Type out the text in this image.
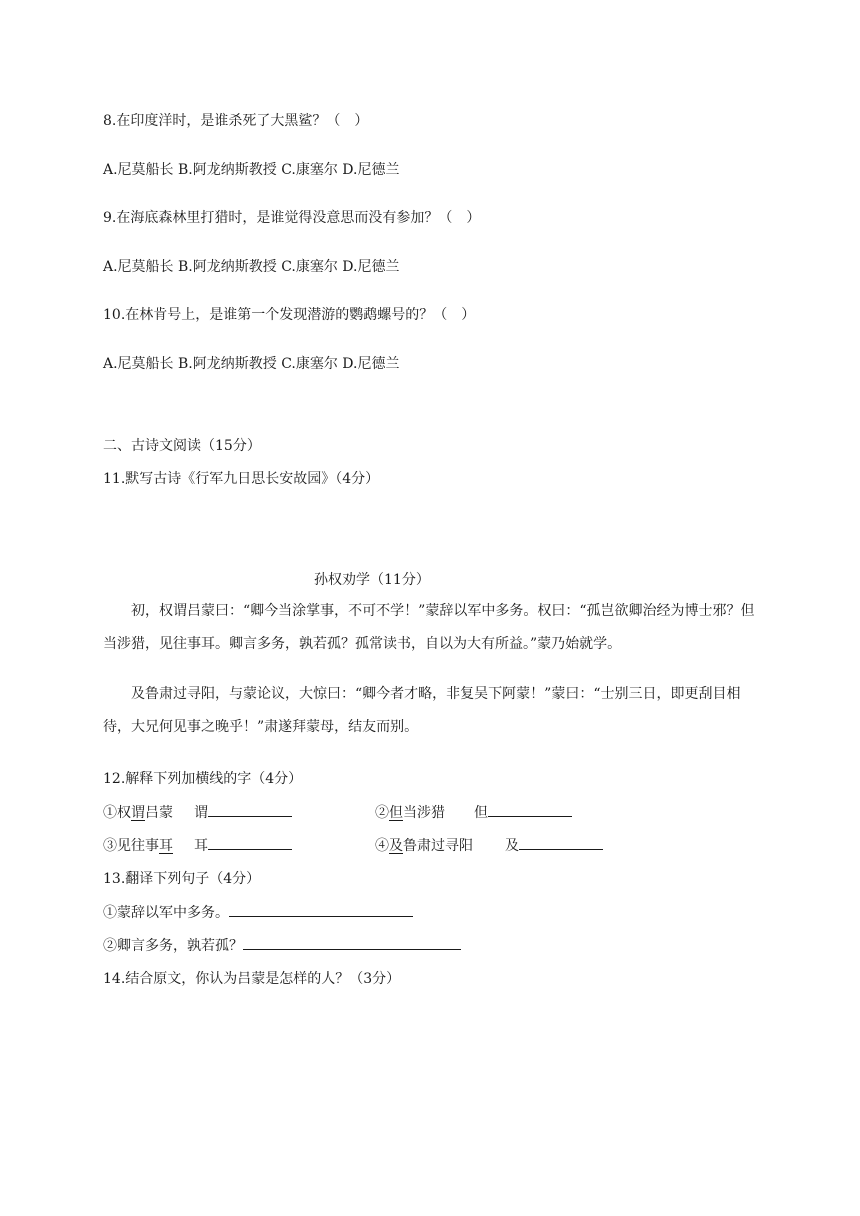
8.在印度洋时，是谁杀死了大黑鲨？（　）
A.尼莫船长 B.阿龙纳斯教授 C.康塞尔 D.尼德兰
9.在海底森林里打猎时，是谁觉得没意思而没有参加？（　）
A.尼莫船长 B.阿龙纳斯教授 C.康塞尔 D.尼德兰
10.在林肯号上，是谁第一个发现潜游的鹦鹉螺号的？（　）
A.尼莫船长 B.阿龙纳斯教授 C.康塞尔 D.尼德兰
二、古诗文阅读（15分）
11.默写古诗《行军九日思长安故园》（4分）
孙权劝学（11分）
初，权谓吕蒙曰：“卿今当涂掌事，不可不学！”蒙辞以军中多务。权曰：“孤岂欲卿治经为博士邪？但当涉猎，见往事耳。卿言多务，孰若孤？孤常读书，自以为大有所益。”蒙乃始就学。
及鲁肃过寻阳，与蒙论议，大惊曰：“卿今者才略，非复吴下阿蒙！”蒙曰：“士别三日，即更刮目相待，大兄何见事之晚乎！”肃遂拜蒙母，结友而别。
12.解释下列加横线的字（4分）
①权谓吕蒙 谓	②但当涉猎 但
③见往事耳 耳	④及鲁肃过寻阳 及
13.翻译下列句子（4分）
①蒙辞以军中多务。
②卿言多务，孰若孤？
14.结合原文，你认为吕蒙是怎样的人？（3分）
